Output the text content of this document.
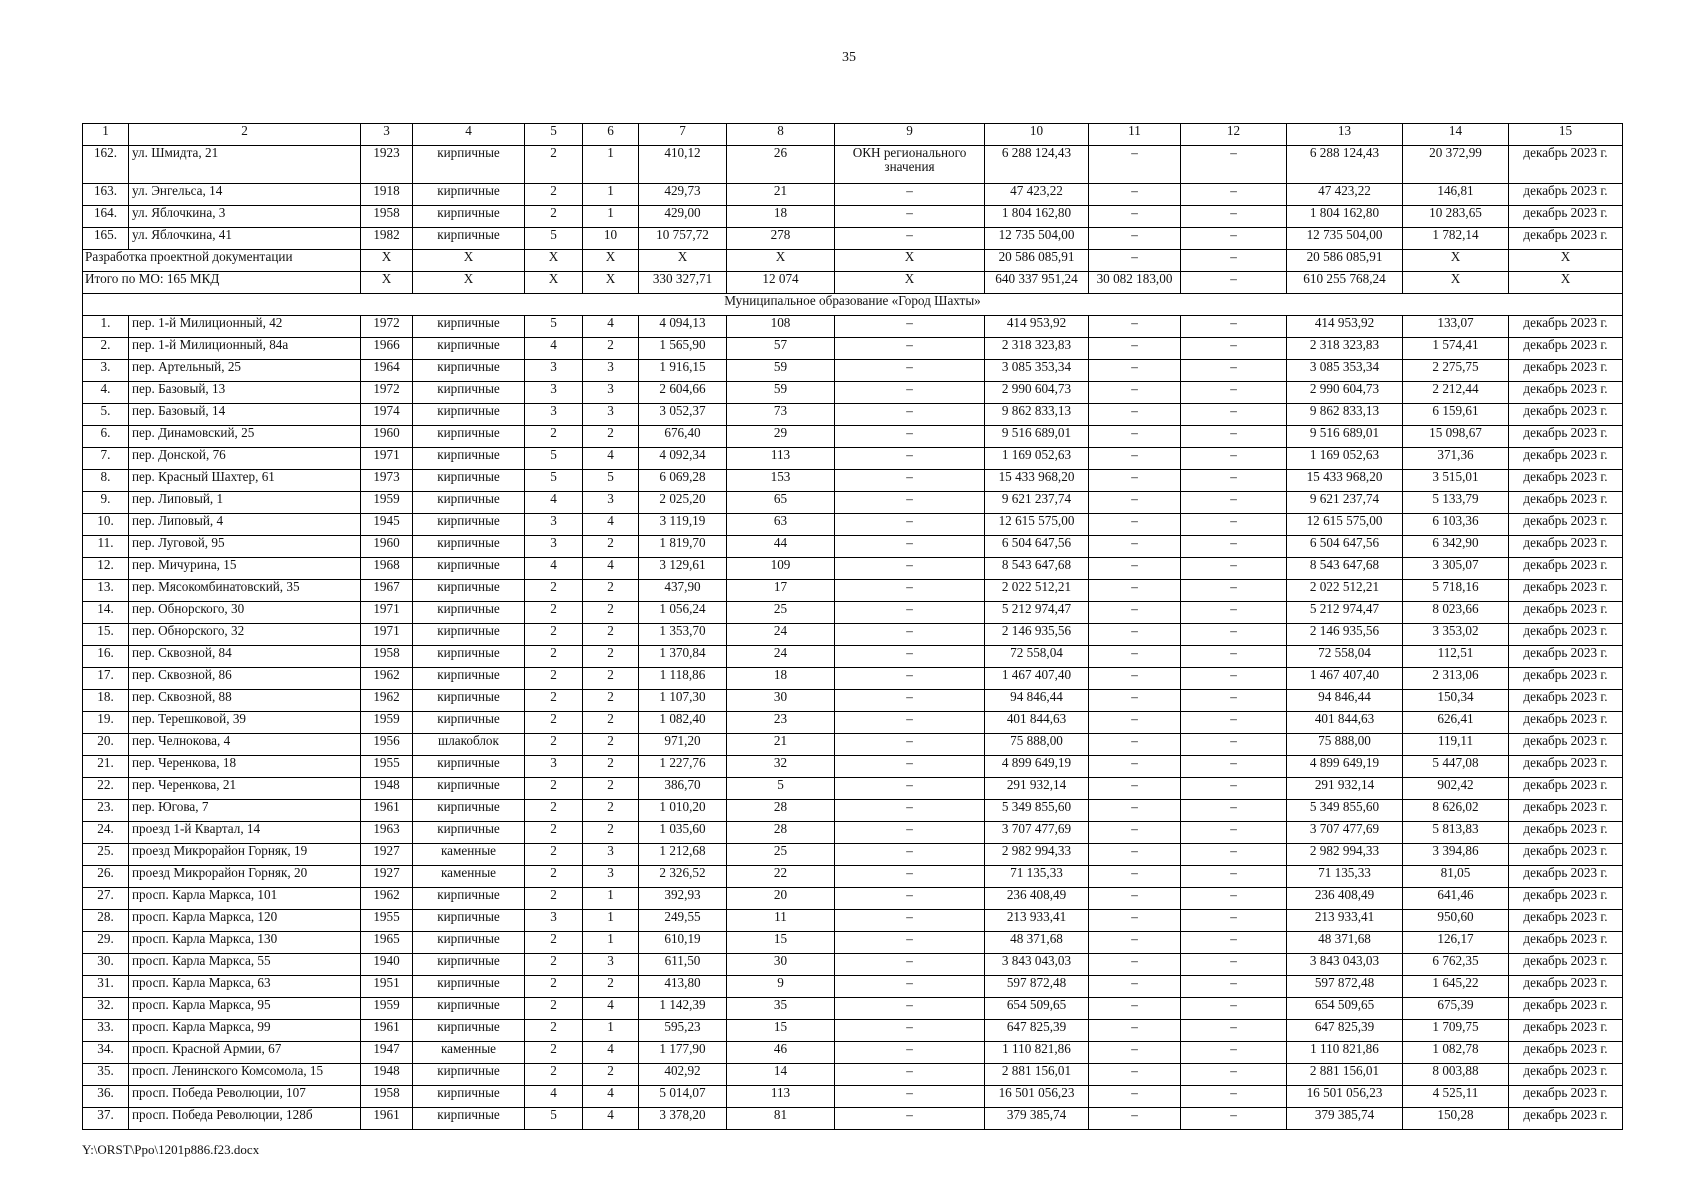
35
1	2	3	4	5	6	7	8	9	10	11	12	13	14	15
162.	ул. Шмидта, 21	1923	кирпичные	2	1	410,12	26	ОКН регионального значения	6 288 124,43	–	–	6 288 124,43	20 372,99	декабрь 2023 г.
163.	ул. Энгельса, 14	1918	кирпичные	2	1	429,73	21	–	47 423,22	–	–	47 423,22	146,81	декабрь 2023 г.
164.	ул. Яблочкина, 3	1958	кирпичные	2	1	429,00	18	–	1 804 162,80	–	–	1 804 162,80	10 283,65	декабрь 2023 г.
165.	ул. Яблочкина, 41	1982	кирпичные	5	10	10 757,72	278	–	12 735 504,00	–	–	12 735 504,00	1 782,14	декабрь 2023 г.
Разработка проектной документации		X	X	X	X	X	X	X	20 586 085,91	–	–	20 586 085,91	X	X
Итого по МО: 165 МКД		X	X	X	X	330 327,71	12 074	X	640 337 951,24	30 082 183,00	–	610 255 768,24	X	X
Муниципальное образование «Город Шахты»														
1.	пер. 1-й Милиционный, 42	1972	кирпичные	5	4	4 094,13	108	–	414 953,92	–	–	414 953,92	133,07	декабрь 2023 г.
2.	пер. 1-й Милиционный, 84а	1966	кирпичные	4	2	1 565,90	57	–	2 318 323,83	–	–	2 318 323,83	1 574,41	декабрь 2023 г.
3.	пер. Артельный, 25	1964	кирпичные	3	3	1 916,15	59	–	3 085 353,34	–	–	3 085 353,34	2 275,75	декабрь 2023 г.
4.	пер. Базовый, 13	1972	кирпичные	3	3	2 604,66	59	–	2 990 604,73	–	–	2 990 604,73	2 212,44	декабрь 2023 г.
5.	пер. Базовый, 14	1974	кирпичные	3	3	3 052,37	73	–	9 862 833,13	–	–	9 862 833,13	6 159,61	декабрь 2023 г.
6.	пер. Динамовский, 25	1960	кирпичные	2	2	676,40	29	–	9 516 689,01	–	–	9 516 689,01	15 098,67	декабрь 2023 г.
7.	пер. Донской, 76	1971	кирпичные	5	4	4 092,34	113	–	1 169 052,63	–	–	1 169 052,63	371,36	декабрь 2023 г.
8.	пер. Красный Шахтер, 61	1973	кирпичные	5	5	6 069,28	153	–	15 433 968,20	–	–	15 433 968,20	3 515,01	декабрь 2023 г.
9.	пер. Липовый, 1	1959	кирпичные	4	3	2 025,20	65	–	9 621 237,74	–	–	9 621 237,74	5 133,79	декабрь 2023 г.
10.	пер. Липовый, 4	1945	кирпичные	3	4	3 119,19	63	–	12 615 575,00	–	–	12 615 575,00	6 103,36	декабрь 2023 г.
11.	пер. Луговой, 95	1960	кирпичные	3	2	1 819,70	44	–	6 504 647,56	–	–	6 504 647,56	6 342,90	декабрь 2023 г.
12.	пер. Мичурина, 15	1968	кирпичные	4	4	3 129,61	109	–	8 543 647,68	–	–	8 543 647,68	3 305,07	декабрь 2023 г.
13.	пер. Мясокомбинатовский, 35	1967	кирпичные	2	2	437,90	17	–	2 022 512,21	–	–	2 022 512,21	5 718,16	декабрь 2023 г.
14.	пер. Обнорского, 30	1971	кирпичные	2	2	1 056,24	25	–	5 212 974,47	–	–	5 212 974,47	8 023,66	декабрь 2023 г.
15.	пер. Обнорского, 32	1971	кирпичные	2	2	1 353,70	24	–	2 146 935,56	–	–	2 146 935,56	3 353,02	декабрь 2023 г.
16.	пер. Сквозной, 84	1958	кирпичные	2	2	1 370,84	24	–	72 558,04	–	–	72 558,04	112,51	декабрь 2023 г.
17.	пер. Сквозной, 86	1962	кирпичные	2	2	1 118,86	18	–	1 467 407,40	–	–	1 467 407,40	2 313,06	декабрь 2023 г.
18.	пер. Сквозной, 88	1962	кирпичные	2	2	1 107,30	30	–	94 846,44	–	–	94 846,44	150,34	декабрь 2023 г.
19.	пер. Терешковой, 39	1959	кирпичные	2	2	1 082,40	23	–	401 844,63	–	–	401 844,63	626,41	декабрь 2023 г.
20.	пер. Челнокова, 4	1956	шлакоблок	2	2	971,20	21	–	75 888,00	–	–	75 888,00	119,11	декабрь 2023 г.
21.	пер. Черенкова, 18	1955	кирпичные	3	2	1 227,76	32	–	4 899 649,19	–	–	4 899 649,19	5 447,08	декабрь 2023 г.
22.	пер. Черенкова, 21	1948	кирпичные	2	2	386,70	5	–	291 932,14	–	–	291 932,14	902,42	декабрь 2023 г.
23.	пер. Югова, 7	1961	кирпичные	2	2	1 010,20	28	–	5 349 855,60	–	–	5 349 855,60	8 626,02	декабрь 2023 г.
24.	проезд 1-й Квартал, 14	1963	кирпичные	2	2	1 035,60	28	–	3 707 477,69	–	–	3 707 477,69	5 813,83	декабрь 2023 г.
25.	проезд Микрорайон Горняк, 19	1927	каменные	2	3	1 212,68	25	–	2 982 994,33	–	–	2 982 994,33	3 394,86	декабрь 2023 г.
26.	проезд Микрорайон Горняк, 20	1927	каменные	2	3	2 326,52	22	–	71 135,33	–	–	71 135,33	81,05	декабрь 2023 г.
27.	просп. Карла Маркса, 101	1962	кирпичные	2	1	392,93	20	–	236 408,49	–	–	236 408,49	641,46	декабрь 2023 г.
28.	просп. Карла Маркса, 120	1955	кирпичные	3	1	249,55	11	–	213 933,41	–	–	213 933,41	950,60	декабрь 2023 г.
29.	просп. Карла Маркса, 130	1965	кирпичные	2	1	610,19	15	–	48 371,68	–	–	48 371,68	126,17	декабрь 2023 г.
30.	просп. Карла Маркса, 55	1940	кирпичные	2	3	611,50	30	–	3 843 043,03	–	–	3 843 043,03	6 762,35	декабрь 2023 г.
31.	просп. Карла Маркса, 63	1951	кирпичные	2	2	413,80	9	–	597 872,48	–	–	597 872,48	1 645,22	декабрь 2023 г.
32.	просп. Карла Маркса, 95	1959	кирпичные	2	4	1 142,39	35	–	654 509,65	–	–	654 509,65	675,39	декабрь 2023 г.
33.	просп. Карла Маркса, 99	1961	кирпичные	2	1	595,23	15	–	647 825,39	–	–	647 825,39	1 709,75	декабрь 2023 г.
34.	просп. Красной Армии, 67	1947	каменные	2	4	1 177,90	46	–	1 110 821,86	–	–	1 110 821,86	1 082,78	декабрь 2023 г.
35.	просп. Ленинского Комсомола, 15	1948	кирпичные	2	2	402,92	14	–	2 881 156,01	–	–	2 881 156,01	8 003,88	декабрь 2023 г.
36.	просп. Победа Революции, 107	1958	кирпичные	4	4	5 014,07	113	–	16 501 056,23	–	–	16 501 056,23	4 525,11	декабрь 2023 г.
37.	просп. Победа Революции, 128б	1961	кирпичные	5	4	3 378,20	81	–	379 385,74	–	–	379 385,74	150,28	декабрь 2023 г.
Y:\ORST\Ppo\1201p886.f23.docx
